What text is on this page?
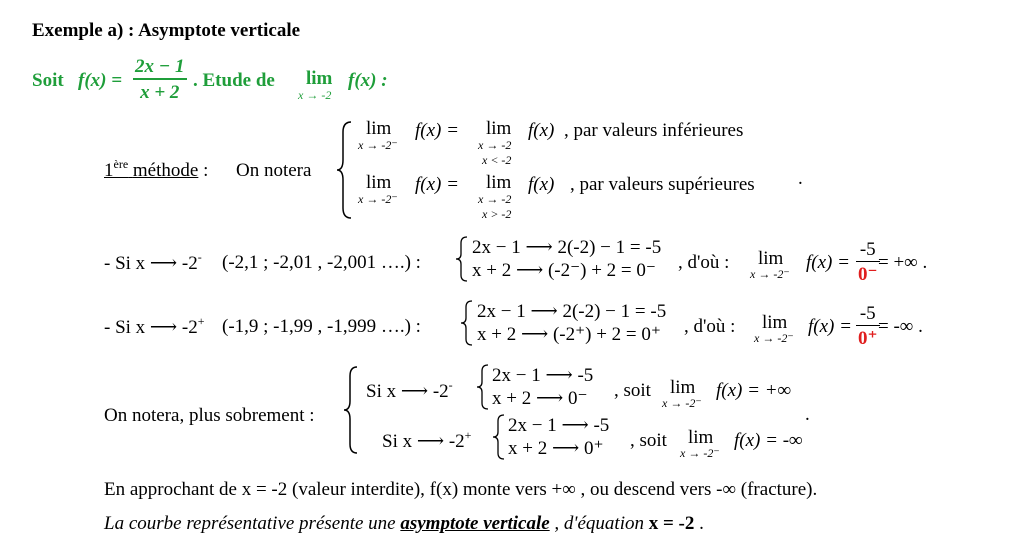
Exemple a) : Asymptote verticale
Soit f(x) =
2x − 1
x + 2
. Etude de lim
x → -2
f(x) :
1ère méthode : On notera
lim
x → -2⁻
f(x) = lim
x → -2
x < -2
f(x) , par valeurs inférieures
lim
x → -2⁻
f(x) = lim
x → -2
x > -2
f(x) , par valeurs supérieures .
- Si x ⟶ -2- (-2,1 ; -2,01 , -2,001 ….) :
2x − 1 ⟶ 2(-2) − 1 = -5
x + 2 ⟶ (-2⁻) + 2 = 0⁻ , d'où : lim
x → -2⁻
f(x) =
-5
0⁻
= +∞ .
- Si x ⟶ -2+ (-1,9 ; -1,99 , -1,999 ….) :
2x − 1 ⟶ 2(-2) − 1 = -5
x + 2 ⟶ (-2⁺) + 2 = 0⁺ , d'où : lim
x → -2⁻
f(x) =
-5
0⁺
= -∞ .
On notera, plus sobrement :
Si x ⟶ -2- 2x − 1 ⟶ -5
x + 2 ⟶ 0⁻ , soit lim
x → -2⁻
f(x) = +∞
Si x ⟶ -2+ 2x − 1 ⟶ -5
x + 2 ⟶ 0⁺ , soit lim
x → -2⁻
f(x) = -∞
.
En approchant de x = -2 (valeur interdite), f(x) monte vers +∞ , ou descend vers -∞ (fracture).
La courbe représentative présente une asymptote verticale , d'équation x = -2 .
